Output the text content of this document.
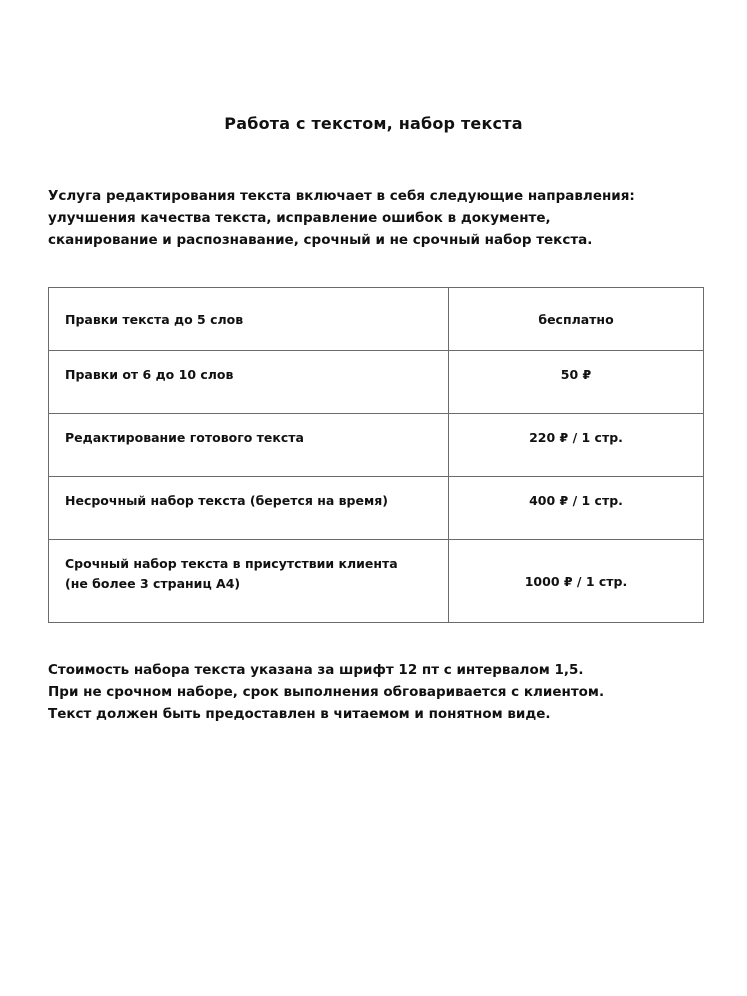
Работа с текстом, набор текста
Услуга редактирования текста включает в себя следующие направления:
улучшения качества текста, исправление ошибок в документе,
сканирование и распознавание, срочный и не срочный набор текста.
Правки текста до 5 слов	бесплатно

Правки от 6 до 10 слов	50 ₽

Редактирование готового текста	220 ₽ / 1 стр.

Несрочный набор текста (берется на время)	400 ₽ / 1 стр.

Срочный набор текста в присутствии клиента
(не более 3 страниц А4)	1000 ₽ / 1 стр.
Стоимость набора текста указана за шрифт 12 пт с интервалом 1,5.
При не срочном наборе, срок выполнения обговаривается с клиентом.
Текст должен быть предоставлен в читаемом и понятном виде.
